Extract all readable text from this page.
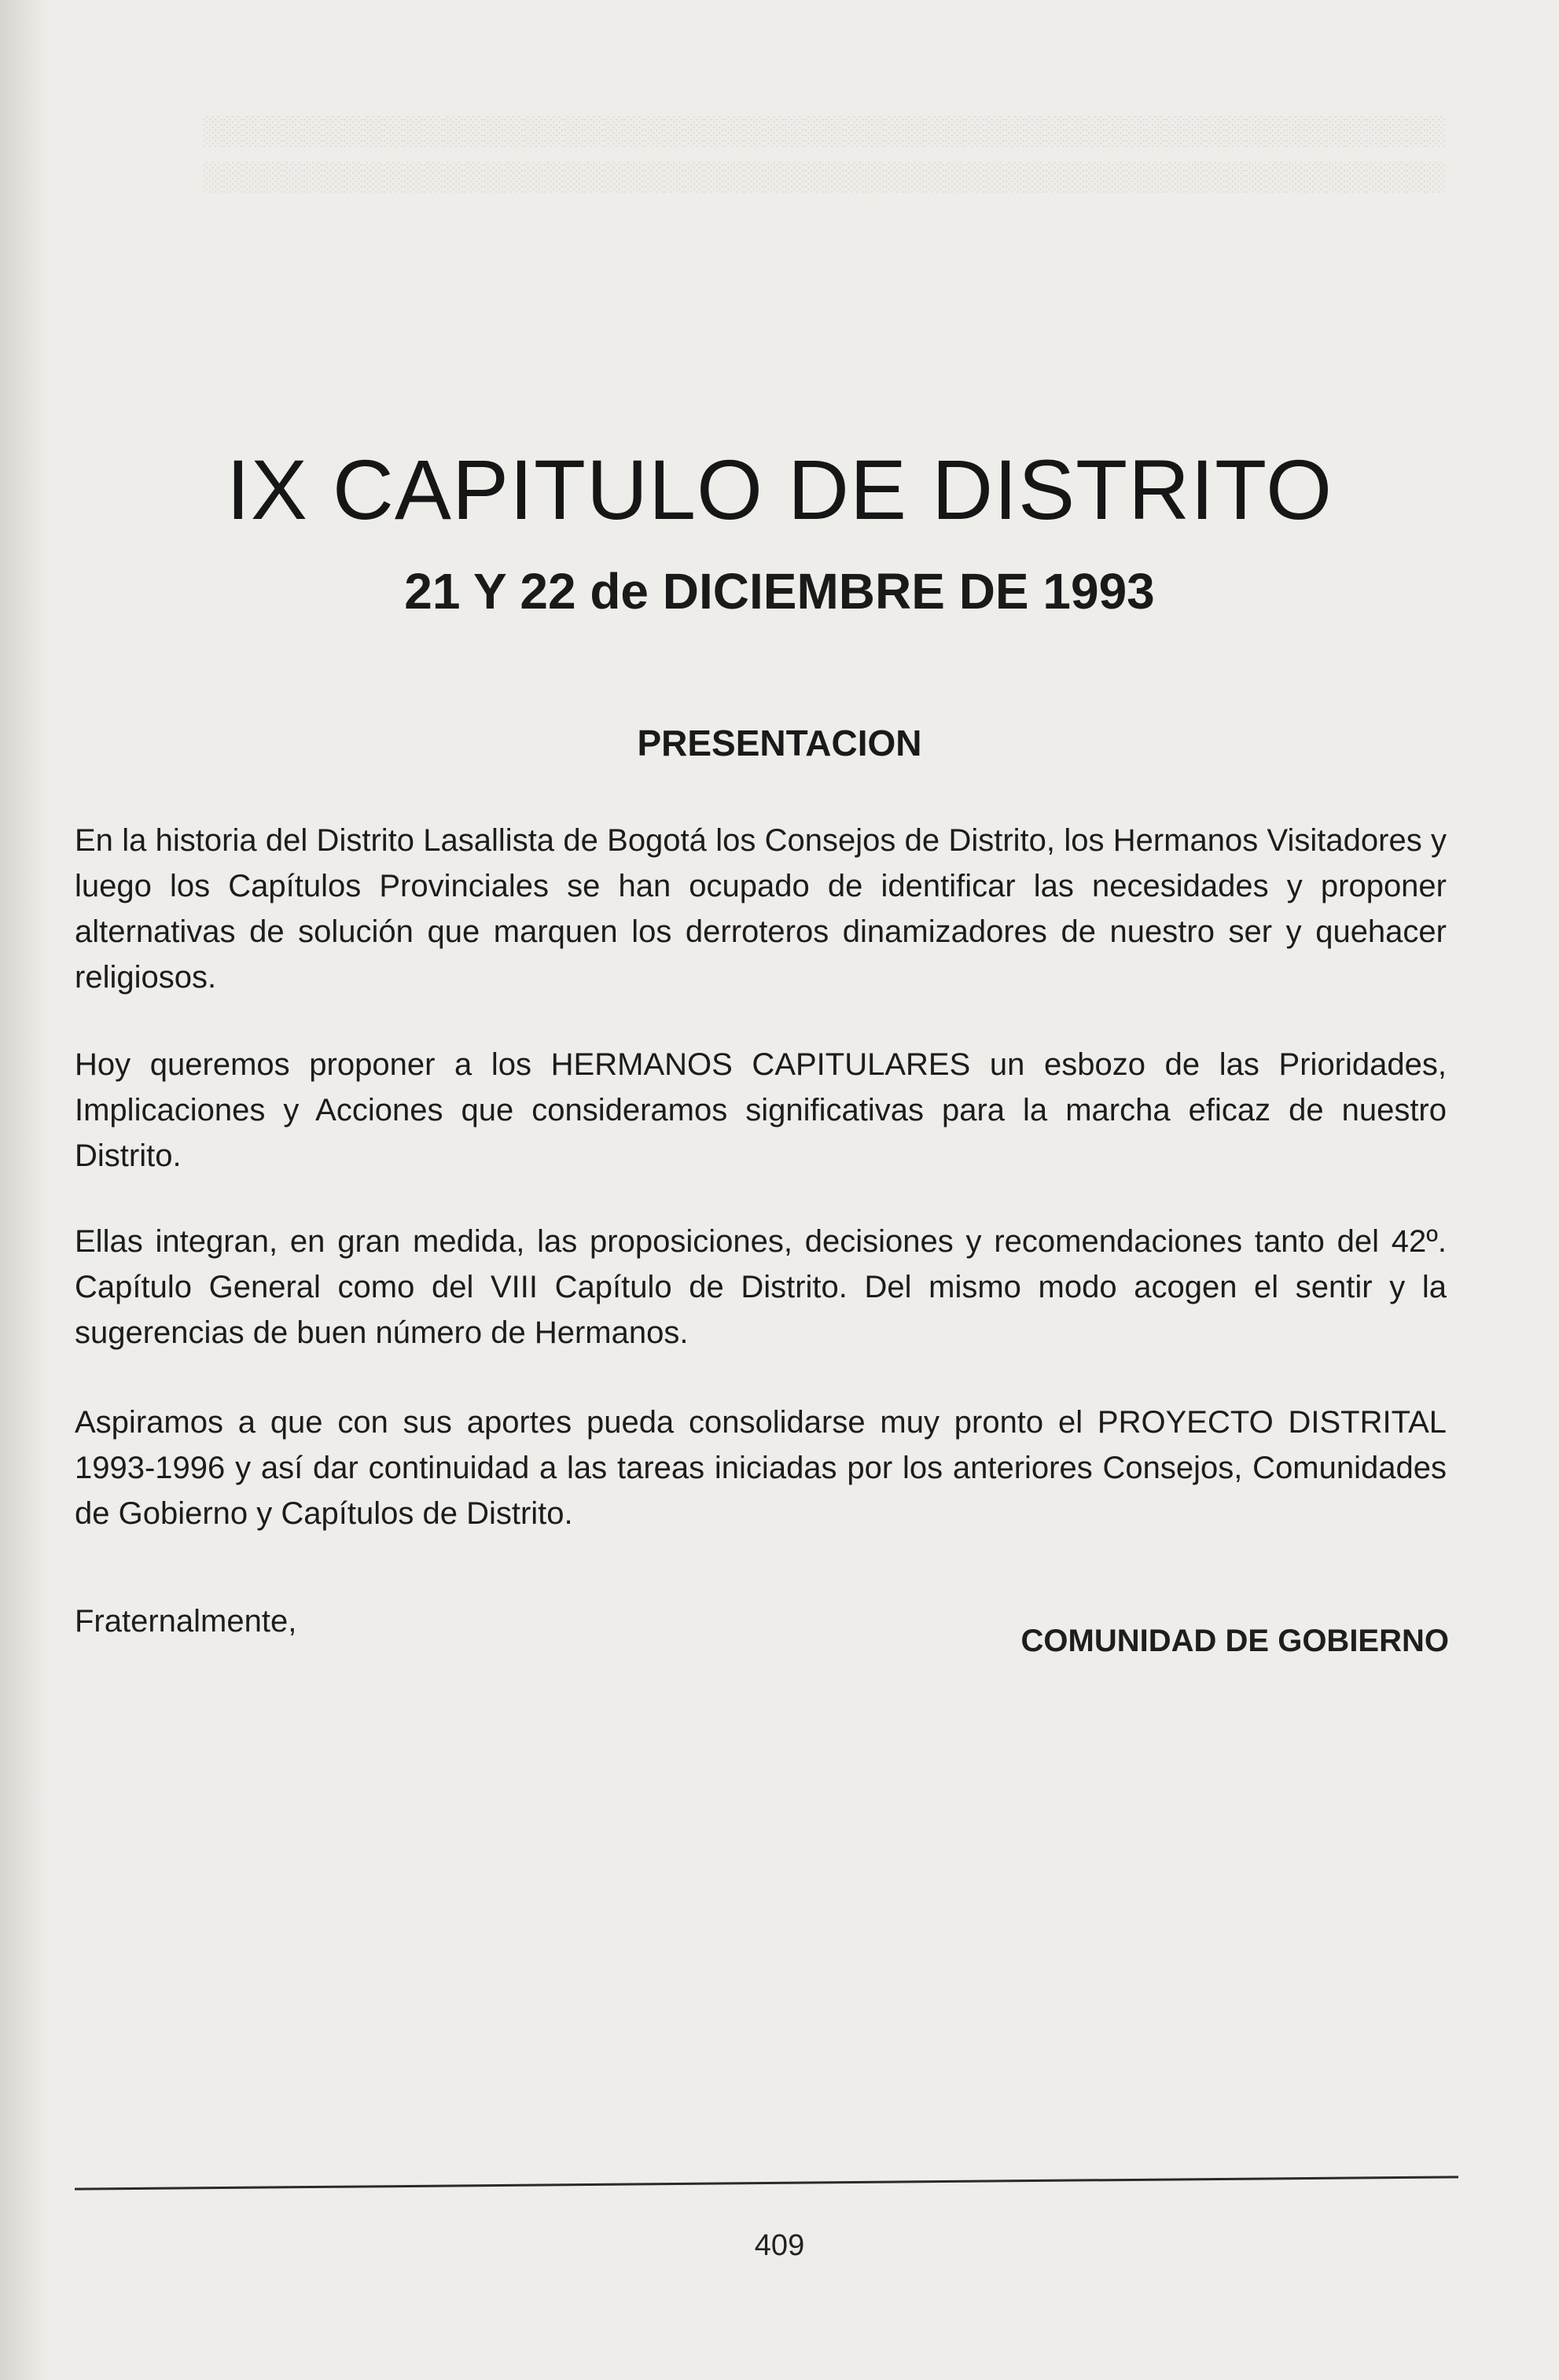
░░░░░░░░░░░░░░░░░░░░░░░░░░░░░░░░░░░░░░░░░░░░░░░░░░░░░░░░░░░░░░
░░░░░░░░░░░░░░░░░░░░░░░░░░░░░░░░░░░░░░░░░░░░░░░░░░░░░░░░░░░░░░

IX CAPITULO DE DISTRITO
21 Y 22 de DICIEMBRE DE 1993
PRESENTACION
En la historia del Distrito Lasallista de Bogotá los Consejos de Distrito, los Hermanos Visitadores y luego los Capítulos Provinciales se han ocupado de identificar las necesidades y proponer alternativas de solución que marquen los derroteros dinamizadores de nuestro ser y quehacer religiosos.
Hoy queremos proponer a los HERMANOS CAPITULARES un esbozo de las Prioridades, Implicaciones y Acciones que consideramos significativas para la marcha eficaz de nuestro Distrito.
Ellas integran, en gran medida, las proposiciones, decisiones y recomendaciones tanto del 42º. Capítulo General como del VIII Capítulo de Distrito. Del mismo modo acogen el sentir y la sugerencias de buen número de Hermanos.
Aspiramos a que con sus aportes pueda consolidarse muy pronto el PROYECTO DISTRITAL 1993-1996 y así dar continuidad a las tareas iniciadas por los anteriores Consejos, Comunidades de Gobierno y Capítulos de Distrito.
Fraternalmente,
COMUNIDAD DE GOBIERNO
409
